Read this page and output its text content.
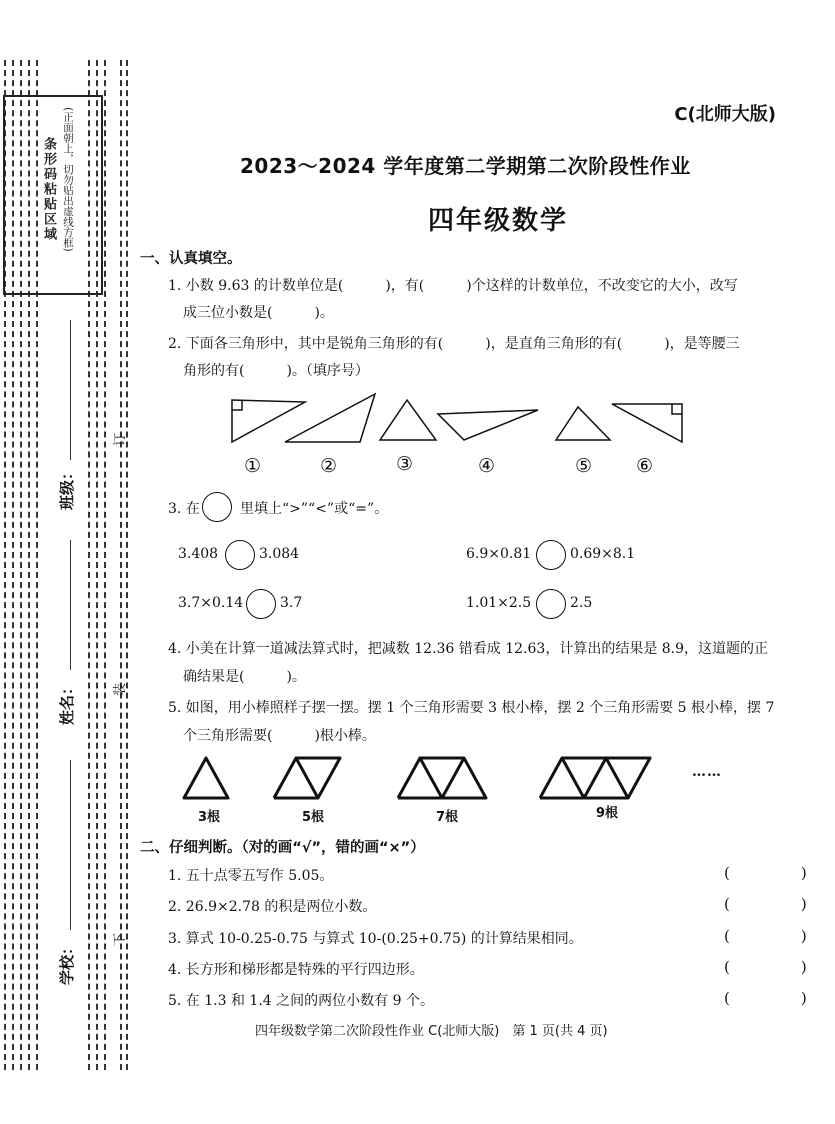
条形码粘贴区域 (正面朝上，切勿贴出虚线方框)
班级：
姓名：
学校：
订
装
下
C(北师大版)
2023～2024 学年度第二学期第二次阶段性作业
四年级数学
一、认真填空。
1. 小数 9.63 的计数单位是(　　　)，有(　　　)个这样的计数单位，不改变它的大小，改写
成三位小数是(　　　)。
2. 下面各三角形中，其中是锐角三角形的有(　　　)，是直角三角形的有(　　　)，是等腰三
角形的有(　　　)。（填序号）
①	②	③	④	⑤ ⑥
3. 在	里填上“>”“<”或“=”。
3.408	3.084	6.9×0.81	0.69×8.1
3.7×0.14	3.7	1.01×2.5	2.5
4. 小美在计算一道减法算式时，把减数 12.36 错看成 12.63，计算出的结果是 8.9，这道题的正
确结果是(　　　)。
5. 如图，用小棒照样子摆一摆。摆 1 个三角形需要 3 根小棒，摆 2 个三角形需要 5 根小棒，摆 7
个三角形需要(　　　)根小棒。
……
3根	5根	7根	9根
二、仔细判断。（对的画“√”，错的画“×”）
1. 五十点零五写作 5.05。	(　)
2. 26.9×2.78 的积是两位小数。	(　)
3. 算式 10-0.25-0.75 与算式 10-(0.25+0.75) 的计算结果相同。	(　)
4. 长方形和梯形都是特殊的平行四边形。	(　)
5. 在 1.3 和 1.4 之间的两位小数有 9 个。	(　)
四年级数学第二次阶段性作业 C(北师大版)　第 1 页(共 4 页)
